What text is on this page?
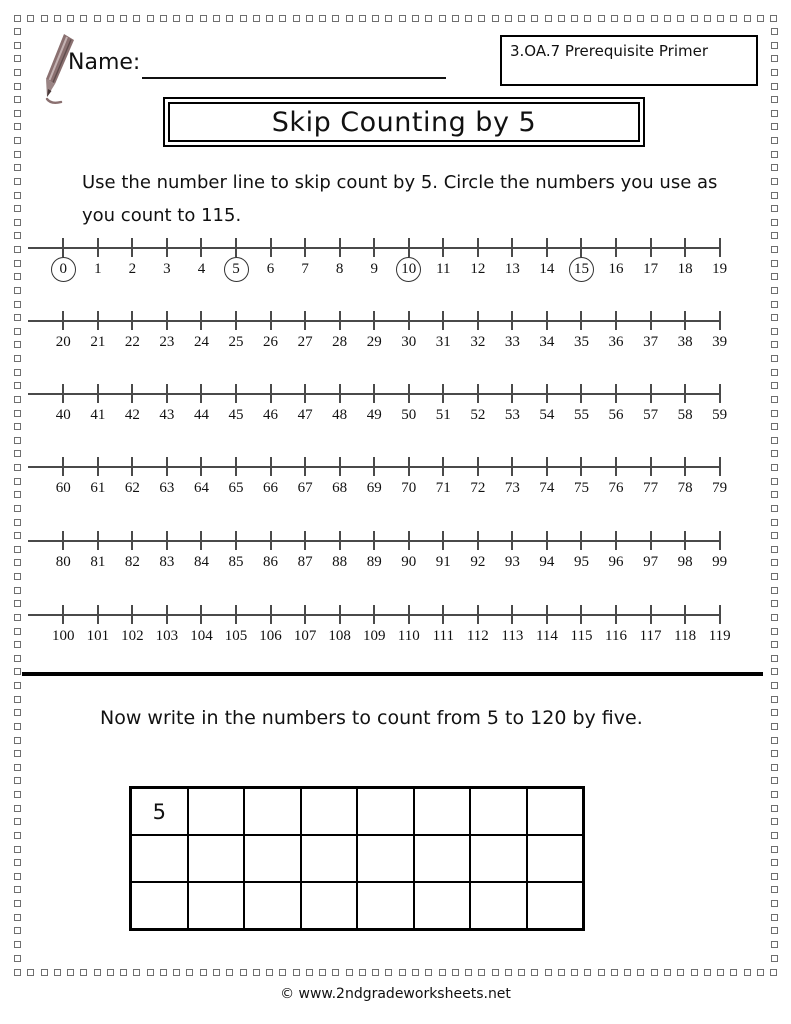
Name:	3.OA.7 Prerequisite Primer
Skip Counting by 5
Use the number line to skip count by 5. Circle the numbers you use as
you count to 115.
0	1	2	3	4	5	6	7	8	9	10	11	12	13	14	15	16	17	18	19
20	21	22	23	24	25	26	27	28	29	30	31	32	33	34	35	36	37	38	39
40	41	42	43	44	45	46	47	48	49	50	51	52	53	54	55	56	57	58	59
60	61	62	63	64	65	66	67	68	69	70	71	72	73	74	75	76	77	78	79
80	81	82	83	84	85	86	87	88	89	90	91	92	93	94	95	96	97	98	99
100 101 102 103 104 105 106 107 108 109 110 111 112 113 114 115 116 117 118 119
Now write in the numbers to count from 5 to 120 by five.
5
© www.2ndgradeworksheets.net
